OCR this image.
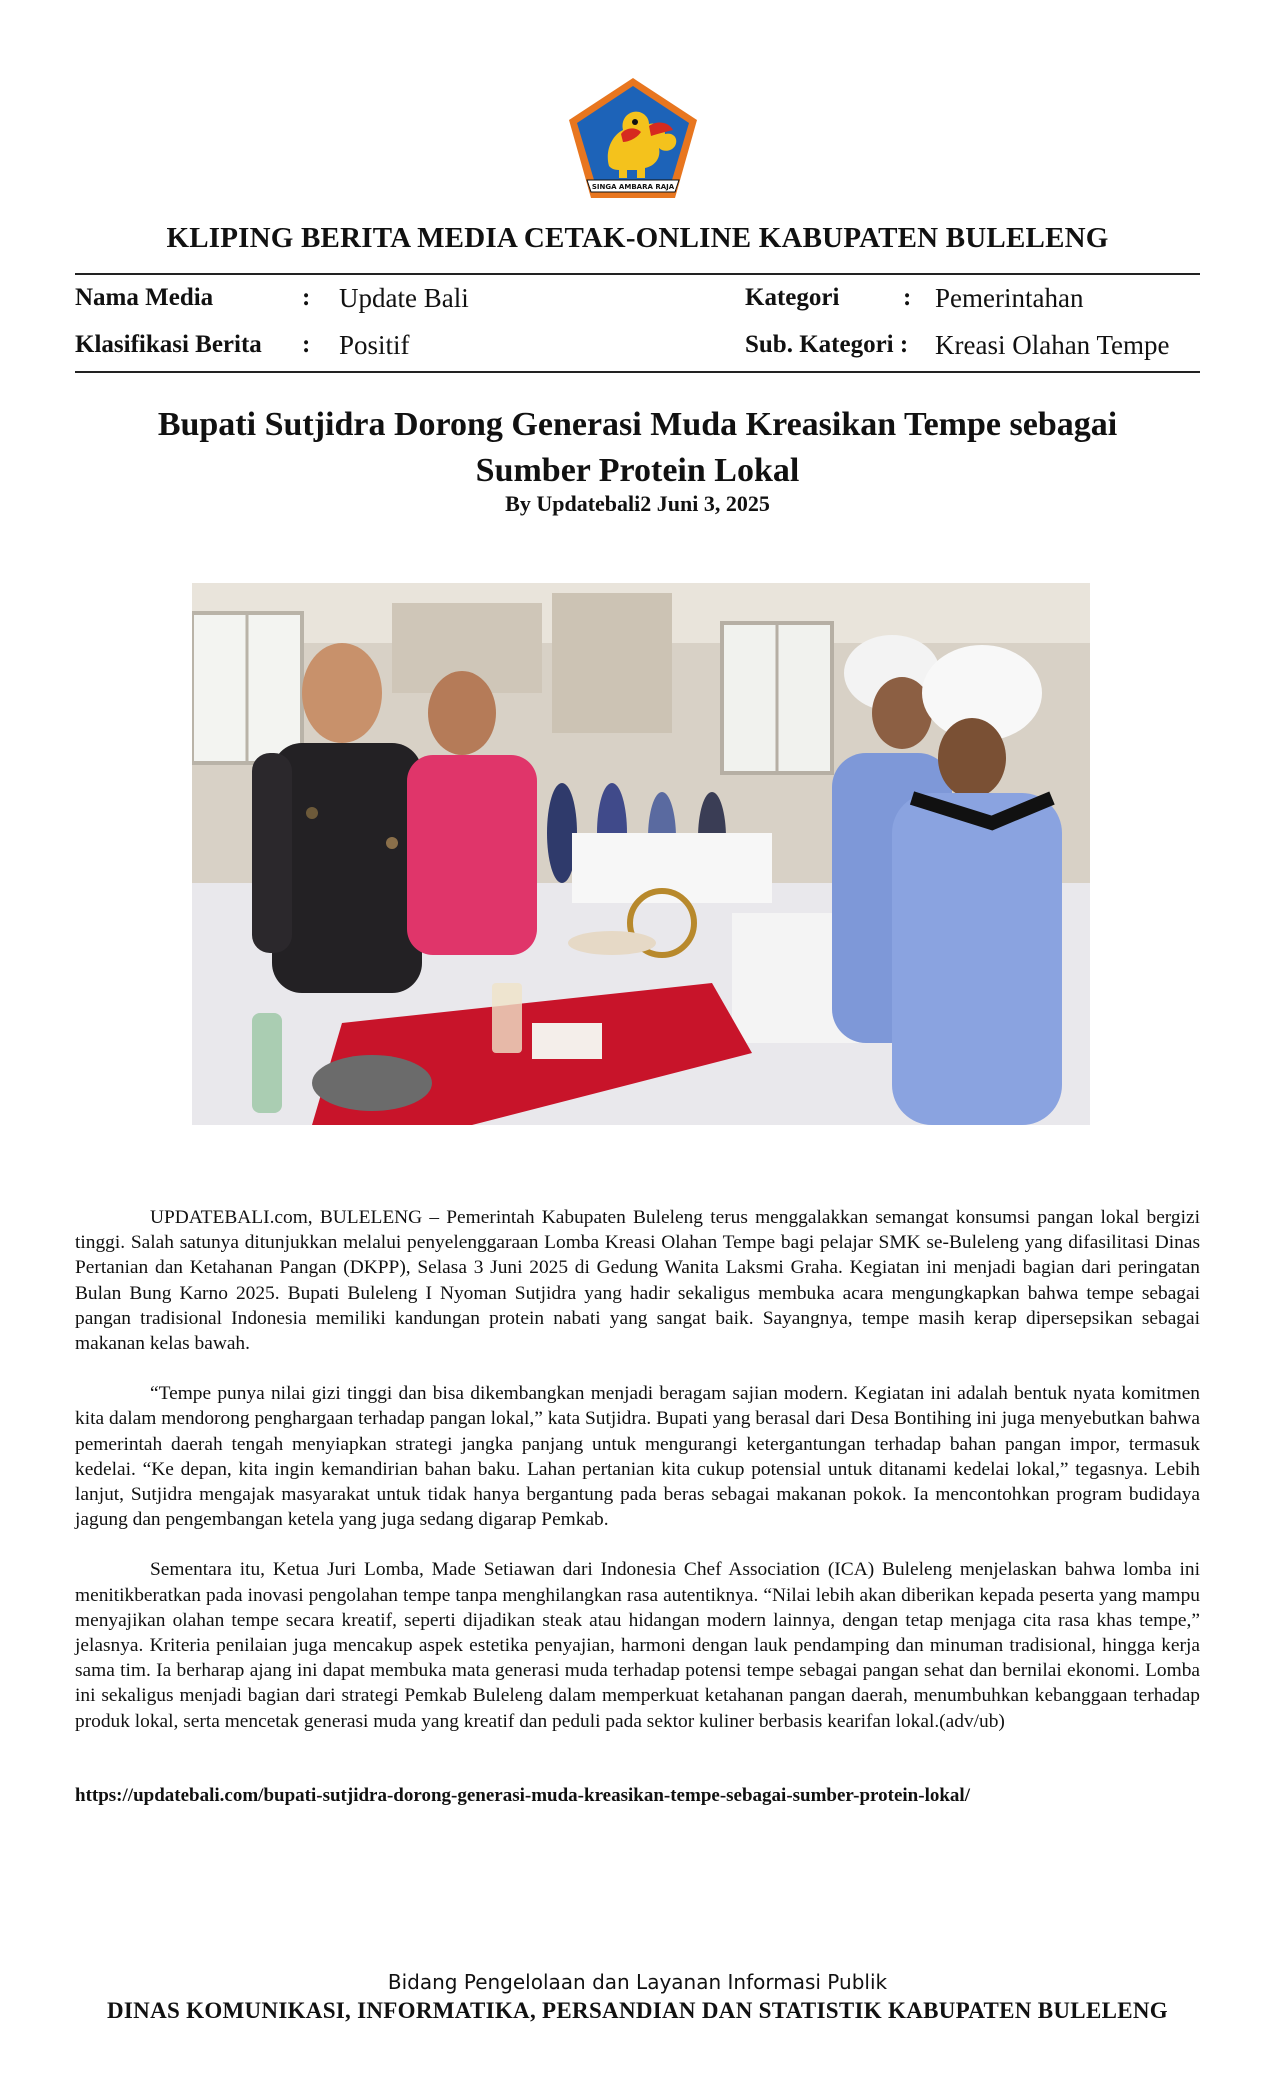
SINGA AMBARA RAJA
KLIPING BERITA MEDIA CETAK-ONLINE KABUPATEN BULELENG
Nama Media	: Update Bali
Klasifikasi Berita : Positif
Kategori	: Pemerintahan
Sub. Kategori : Kreasi Olahan Tempe
Bupati Sutjidra Dorong Generasi Muda Kreasikan Tempe sebagai
Sumber Protein Lokal
By Updatebali2 Juni 3, 2025

UPDATEBALI.com, BULELENG – Pemerintah Kabupaten Buleleng terus menggalakkan semangat konsumsi pangan lokal bergizi tinggi. Salah satunya ditunjukkan melalui penyelenggaraan Lomba Kreasi Olahan Tempe bagi pelajar SMK se-Buleleng yang difasilitasi Dinas Pertanian dan Ketahanan Pangan (DKPP), Selasa 3 Juni 2025 di Gedung Wanita Laksmi Graha. Kegiatan ini menjadi bagian dari peringatan Bulan Bung Karno 2025. Bupati Buleleng I Nyoman Sutjidra yang hadir sekaligus membuka acara mengungkapkan bahwa tempe sebagai pangan tradisional Indonesia memiliki kandungan protein nabati yang sangat baik. Sayangnya, tempe masih kerap dipersepsikan sebagai makanan kelas bawah.

“Tempe punya nilai gizi tinggi dan bisa dikembangkan menjadi beragam sajian modern. Kegiatan ini adalah bentuk nyata komitmen kita dalam mendorong penghargaan terhadap pangan lokal,” kata Sutjidra. Bupati yang berasal dari Desa Bontihing ini juga menyebutkan bahwa pemerintah daerah tengah menyiapkan strategi jangka panjang untuk mengurangi ketergantungan terhadap bahan pangan impor, termasuk kedelai. “Ke depan, kita ingin kemandirian bahan baku. Lahan pertanian kita cukup potensial untuk ditanami kedelai lokal,” tegasnya. Lebih lanjut, Sutjidra mengajak masyarakat untuk tidak hanya bergantung pada beras sebagai makanan pokok. Ia mencontohkan program budidaya jagung dan pengembangan ketela yang juga sedang digarap Pemkab.

Sementara itu, Ketua Juri Lomba, Made Setiawan dari Indonesia Chef Association (ICA) Buleleng menjelaskan bahwa lomba ini menitikberatkan pada inovasi pengolahan tempe tanpa menghilangkan rasa autentiknya. “Nilai lebih akan diberikan kepada peserta yang mampu menyajikan olahan tempe secara kreatif, seperti dijadikan steak atau hidangan modern lainnya, dengan tetap menjaga cita rasa khas tempe,” jelasnya. Kriteria penilaian juga mencakup aspek estetika penyajian, harmoni dengan lauk pendamping dan minuman tradisional, hingga kerja sama tim. Ia berharap ajang ini dapat membuka mata generasi muda terhadap potensi tempe sebagai pangan sehat dan bernilai ekonomi. Lomba ini sekaligus menjadi bagian dari strategi Pemkab Buleleng dalam memperkuat ketahanan pangan daerah, menumbuhkan kebanggaan terhadap produk lokal, serta mencetak generasi muda yang kreatif dan peduli pada sektor kuliner berbasis kearifan lokal.(adv/ub)

https://updatebali.com/bupati-sutjidra-dorong-generasi-muda-kreasikan-tempe-sebagai-sumber-protein-lokal/
Bidang Pengelolaan dan Layanan Informasi Publik
DINAS KOMUNIKASI, INFORMATIKA, PERSANDIAN DAN STATISTIK KABUPATEN BULELENG
